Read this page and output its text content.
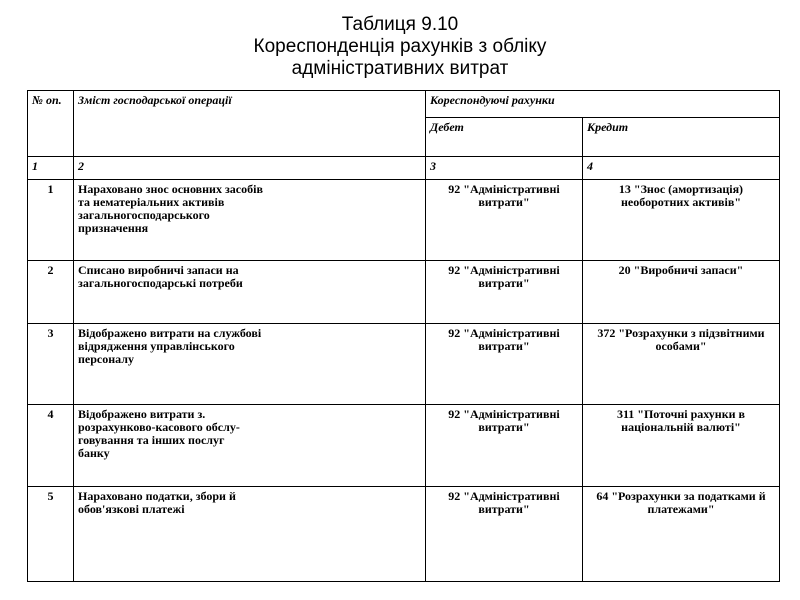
Таблиця 9.10
Кореспонденція рахунків з обліку
адміністративних витрат
№ оп.	Зміст господарської операції	Кореспондуючі рахунки	
		Дебет	Кредит
1	2	3	4
1	Нараховано знос основних засобів
та нематеріальних активів
загальногосподарського
призначення	92 "Адміністративні витрати"	13 "Знос (амортизація) необоротних активів"
2	Списано виробничі запаси на
загальногосподарські потреби	92 "Адміністративні витрати"	20 "Виробничі запаси"
3	Відображено витрати на службові
відрядження управлінського
персоналу	92 "Адміністративні витрати"	372 "Розрахунки з підзвітними особами"
4	Відображено витрати з.
розрахунково-касового обслу-
говування та інших послуг
банку	92 "Адміністративні витрати"	311 "Поточні рахунки в національній валюті"
5	Нараховано податки, збори й
обов'язкові платежі	92 "Адміністративні витрати"	64 "Розрахунки за податками й платежами"
